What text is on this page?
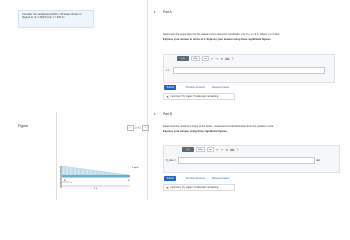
Consider the cantilevered W14 × 30 beam shown in
(Figure 1). E = 29(10³) ksi, I = 291 in⁴.
Figure	‹ 1 of 1 ›
3 kip/ft
A	B
x
9 ft
▾ Part A
Determine the expression for the elastic curve using the coordinate x for 0 ≤ x ≤ 9 ft, where x is in feet.
Express your answer in terms of x. Express your answer using three significant figures.
▯√▯	ΑΣφ	vec	↶ ↷ ⟲ ⌨ ?
v =
Submit	Previous Answers	Request Answer
✕ Incorrect; Try Again; 5 attempts remaining
▾ Part B
Determine the maximum slope of the beam, measured counterclockwise from the positive x axis.
Express your answer using three significant figures.
▯√▯	ΑΣφ	vec	↶ ↷ ⟲ ⌨ ?
θ_max =	rad
Submit	Previous Answers	Request Answer
✕ Incorrect; Try Again; 5 attempts remaining
